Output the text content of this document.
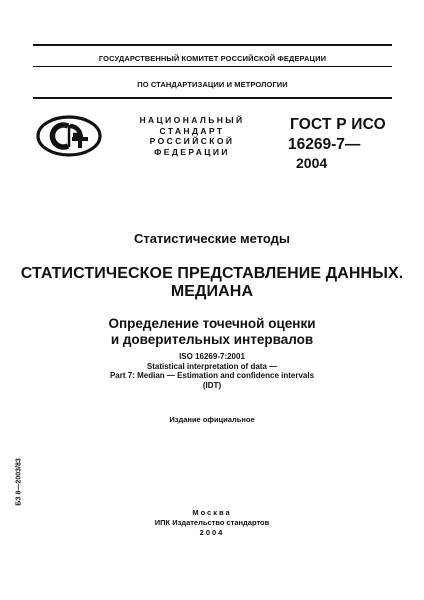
ГОСУДАРСТВЕННЫЙ КОМИТЕТ РОССИЙСКОЙ ФЕДЕРАЦИИ
ПО СТАНДАРТИЗАЦИИ И МЕТРОЛОГИИ
НАЦИОНАЛЬНЫЙ
СТАНДАРТ
РОССИЙСКОЙ
ФЕДЕРАЦИИ
ГОСТ Р ИСО
16269-7—
2004
Статистические методы
СТАТИСТИЧЕСКОЕ ПРЕДСТАВЛЕНИЕ ДАННЫХ.
МЕДИАНА
Определение точечной оценки
и доверительных интервалов
ISO 16269-7:2001
Statistical interpretation of data —
Part 7: Median — Estimation and confidence intervals
(IDT)
Издание официальное
БЗ 8—2003/83
Москва
ИПК Издательство стандартов
2004
